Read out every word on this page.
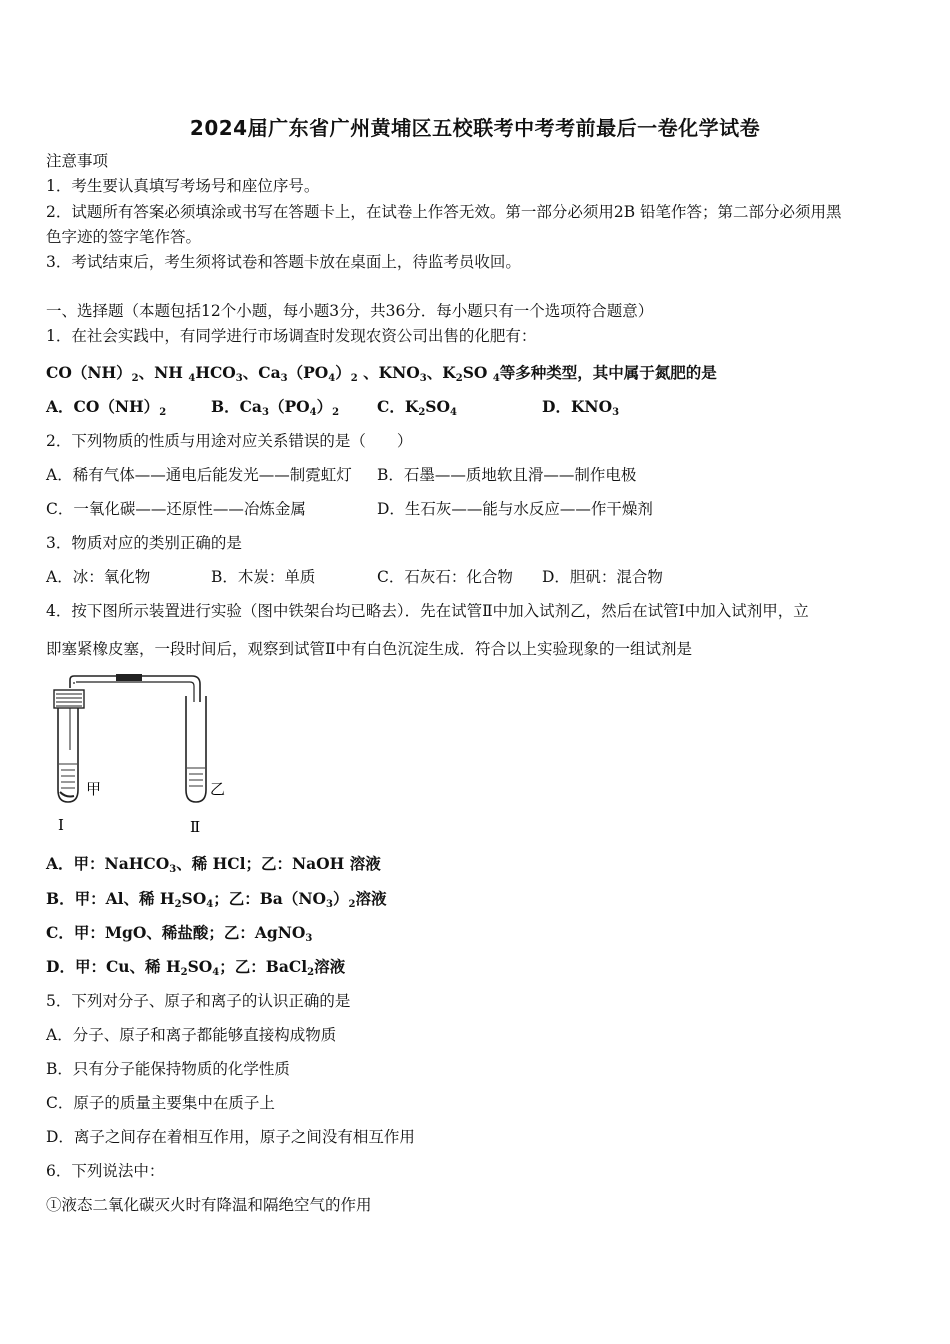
2024届广东省广州黄埔区五校联考中考考前最后一卷化学试卷
注意事项
1．考生要认真填写考场号和座位序号。
2．试题所有答案必须填涂或书写在答题卡上，在试卷上作答无效。第一部分必须用2B 铅笔作答；第二部分必须用黑
色字迹的签字笔作答。
3．考试结束后，考生须将试卷和答题卡放在桌面上，待监考员收回。
一、选择题（本题包括12个小题，每小题3分，共36分．每小题只有一个选项符合题意）
1．在社会实践中，有同学进行市场调查时发现农资公司出售的化肥有：
$CO(NH)_2$、NH $_4HCO_3$、$Ca_3(PO_4)_2$ 、$KNO_3$、$K_2SO$ $_4$等多种类型，其中属于氮肥的是
A．$CO(NH)_2$	B．$Ca_3(PO_4)_2$ C．$K_2SO_4$	D．$KNO_3$
2．下列物质的性质与用途对应关系错误的是（　　）
A．稀有气体——通电后能发光——制霓虹灯 B．石墨——质地软且滑——制作电极
C．一氧化碳——还原性——冶炼金属	D．生石灰——能与水反应——作干燥剂
3．物质对应的类别正确的是
A．冰：氧化物	B．木炭：单质	C．石灰石：化合物 D．胆矾：混合物
4．按下图所示装置进行实验（图中铁架台均已略去）．先在试管Ⅱ中加入试剂乙，然后在试管Ⅰ中加入试剂甲，立
即塞紧橡皮塞，一段时间后，观察到试管Ⅱ中有白色沉淀生成．符合以上实验现象的一组试剂是
甲	乙
Ⅰ	Ⅱ
A．甲：NaHCO$_3$、稀 HCl；乙：NaOH 溶液
B．甲：Al、稀 $H_2SO_4$；乙：$Ba(NO_3)_2$溶液
C．甲：MgO、稀盐酸；乙：AgNO$_3$
D．甲：Cu、稀 $H_2SO_4$；乙：BaCl$_2$溶液
5．下列对分子、原子和离子的认识正确的是
A．分子、原子和离子都能够直接构成物质
B．只有分子能保持物质的化学性质
C．原子的质量主要集中在质子上
D．离子之间存在着相互作用，原子之间没有相互作用
6．下列说法中：
①液态二氧化碳灭火时有降温和隔绝空气的作用
